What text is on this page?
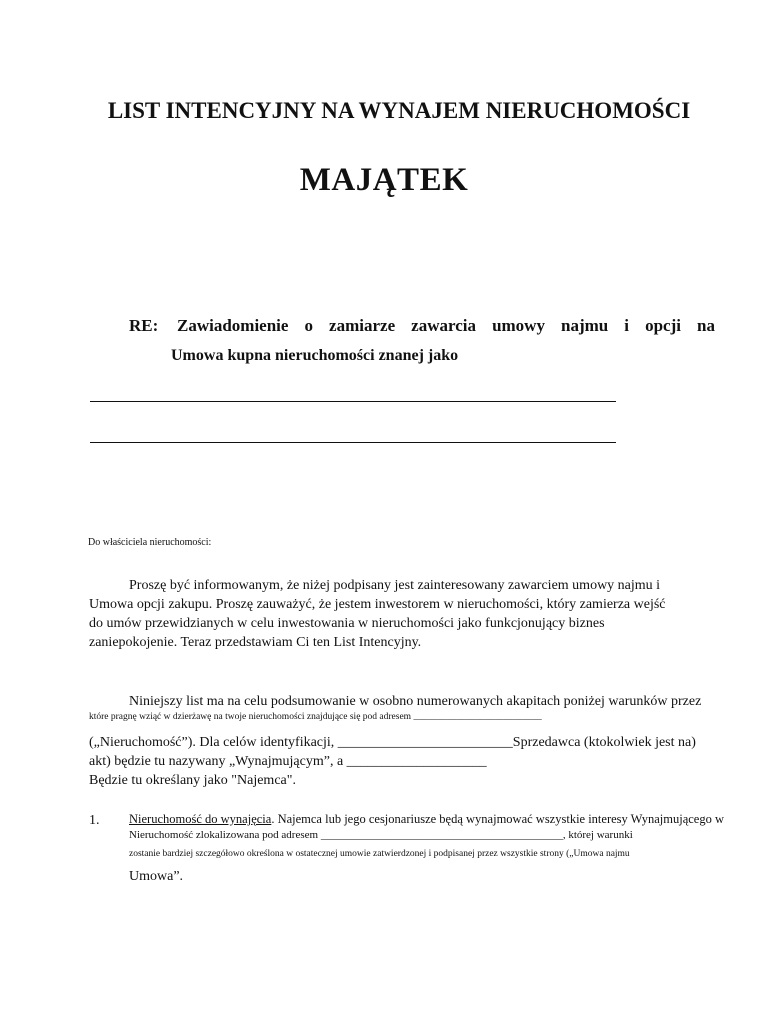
LIST INTENCYJNY NA WYNAJEM NIERUCHOMOŚCI
MAJĄTEK
RE: Zawiadomienie o zamiarze zawarcia umowy najmu i opcji na
Umowa kupna nieruchomości znanej jako
Do właściciela nieruchomości:
Proszę być informowanym, że niżej podpisany jest zainteresowany zawarciem umowy najmu i
Umowa opcji zakupu. Proszę zauważyć, że jestem inwestorem w nieruchomości, który zamierza wejść
do umów przewidzianych w celu inwestowania w nieruchomości jako funkcjonujący biznes
zaniepokojenie. Teraz przedstawiam Ci ten List Intencyjny.
Niniejszy list ma na celu podsumowanie w osobno numerowanych akapitach poniżej warunków przez
które pragnę wziąć w dzierżawę na twoje nieruchomości znajdujące się pod adresem ___________________________
(„Nieruchomość”). Dla celów identyfikacji, _________________________Sprzedawca (ktokolwiek jest na)
akt) będzie tu nazywany „Wynajmującym”, a ____________________
Będzie tu określany jako "Najemca".
1. Nieruchomość do wynajęcia. Najemca lub jego cesjonariusze będą wynajmować wszystkie interesy Wynajmującego w
Nieruchomość zlokalizowana pod adresem ____________________________________________, której warunki
zostanie bardziej szczegółowo określona w ostatecznej umowie zatwierdzonej i podpisanej przez wszystkie strony („Umowa najmu
Umowa”.
